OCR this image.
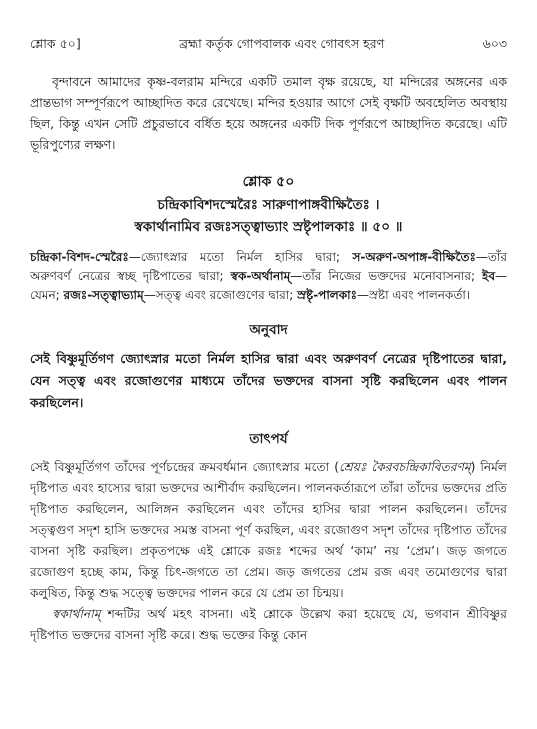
শ্লোক ৫০]	ব্রহ্মা কর্তৃক গোপবালক এবং গোবৎস হরণ	৬০৩

বৃন্দাবনে আমাদের কৃষ্ণ-বলরাম মন্দিরে একটি তমাল বৃক্ষ রয়েছে, যা মন্দিরের অঙ্গনের এক প্রান্তভাগ সম্পূর্ণরূপে আচ্ছাদিত করে রেখেছে। মন্দির হওয়ার আগে সেই বৃক্ষটি অবহেলিত অবস্থায় ছিল, কিন্তু এখন সেটি প্রচুরভাবে বর্ধিত হয়ে অঙ্গনের একটি দিক পূর্ণরূপে আচ্ছাদিত করেছে। এটি ভূরিপুণ্যের লক্ষণ।

শ্লোক ৫০
চন্দ্রিকাবিশদস্মেরৈঃ সারুণাপাঙ্গবীক্ষিতৈঃ ।
স্বকার্থানামিব রজঃসত্ত্বাভ্যাং স্রষ্টৃপালকাঃ ॥ ৫০ ॥

চন্দ্রিকা-বিশদ-স্মেরৈঃ—জ্যোৎস্নার মতো নির্মল হাসির দ্বারা; স-অরুণ-অপাঙ্গ-বীক্ষিতৈঃ—তাঁর অরুণবর্ণ নেত্রের স্বচ্ছ দৃষ্টিপাতের দ্বারা; স্বক-অর্থানাম্—তাঁর নিজের ভক্তদের মনোবাসনার; ইব—যেমন; রজঃ-সত্ত্বাভ্যাম্—সত্ত্ব এবং রজোগুণের দ্বারা; স্রষ্টৃ-পালকাঃ—স্রষ্টা এবং পালনকর্তা।

অনুবাদ

সেই বিষ্ণুমূর্তিগণ জ্যোৎস্নার মতো নির্মল হাসির দ্বারা এবং অরুণবর্ণ নেত্রের দৃষ্টিপাতের দ্বারা, যেন সত্ত্ব এবং রজোগুণের মাধ্যমে তাঁদের ভক্তদের বাসনা সৃষ্টি করছিলেন এবং পালন করছিলেন।

তাৎপর্য

সেই বিষ্ণুমূর্তিগণ তাঁদের পূর্ণচন্দ্রের ক্রমবর্ধমান জ্যোৎস্নার মতো (শ্রেয়ঃ কৈরবচন্দ্রিকাবিতরণম্) নির্মল দৃষ্টিপাত এবং হাস্যের দ্বারা ভক্তদের আশীর্বাদ করছিলেন। পালনকর্তারূপে তাঁরা তাঁদের ভক্তদের প্রতি দৃষ্টিপাত করছিলেন, আলিঙ্গন করছিলেন এবং তাঁদের হাসির দ্বারা পালন করছিলেন। তাঁদের সত্ত্বগুণ সদৃশ হাসি ভক্তদের সমস্ত বাসনা পূর্ণ করছিল, এবং রজোগুণ সদৃশ তাঁদের দৃষ্টিপাত তাঁদের বাসনা সৃষ্টি করছিল। প্রকৃতপক্ষে এই শ্লোকে রজঃ শব্দের অর্থ ‘কাম’ নয় ‘প্রেম’। জড় জগতে রজোগুণ হচ্ছে কাম, কিন্তু চিৎ-জগতে তা প্রেম। জড় জগতের প্রেম রজ এবং তমোগুণের দ্বারা কলুষিত, কিন্তু শুদ্ধ সত্ত্বে ভক্তদের পালন করে যে প্রেম তা চিন্ময়।

স্বকার্থানাম্ শব্দটির অর্থ মহৎ বাসনা। এই শ্লোকে উল্লেখ করা হয়েছে যে, ভগবান শ্রীবিষ্ণুর দৃষ্টিপাত ভক্তদের বাসনা সৃষ্টি করে। শুদ্ধ ভক্তের কিন্তু কোন
